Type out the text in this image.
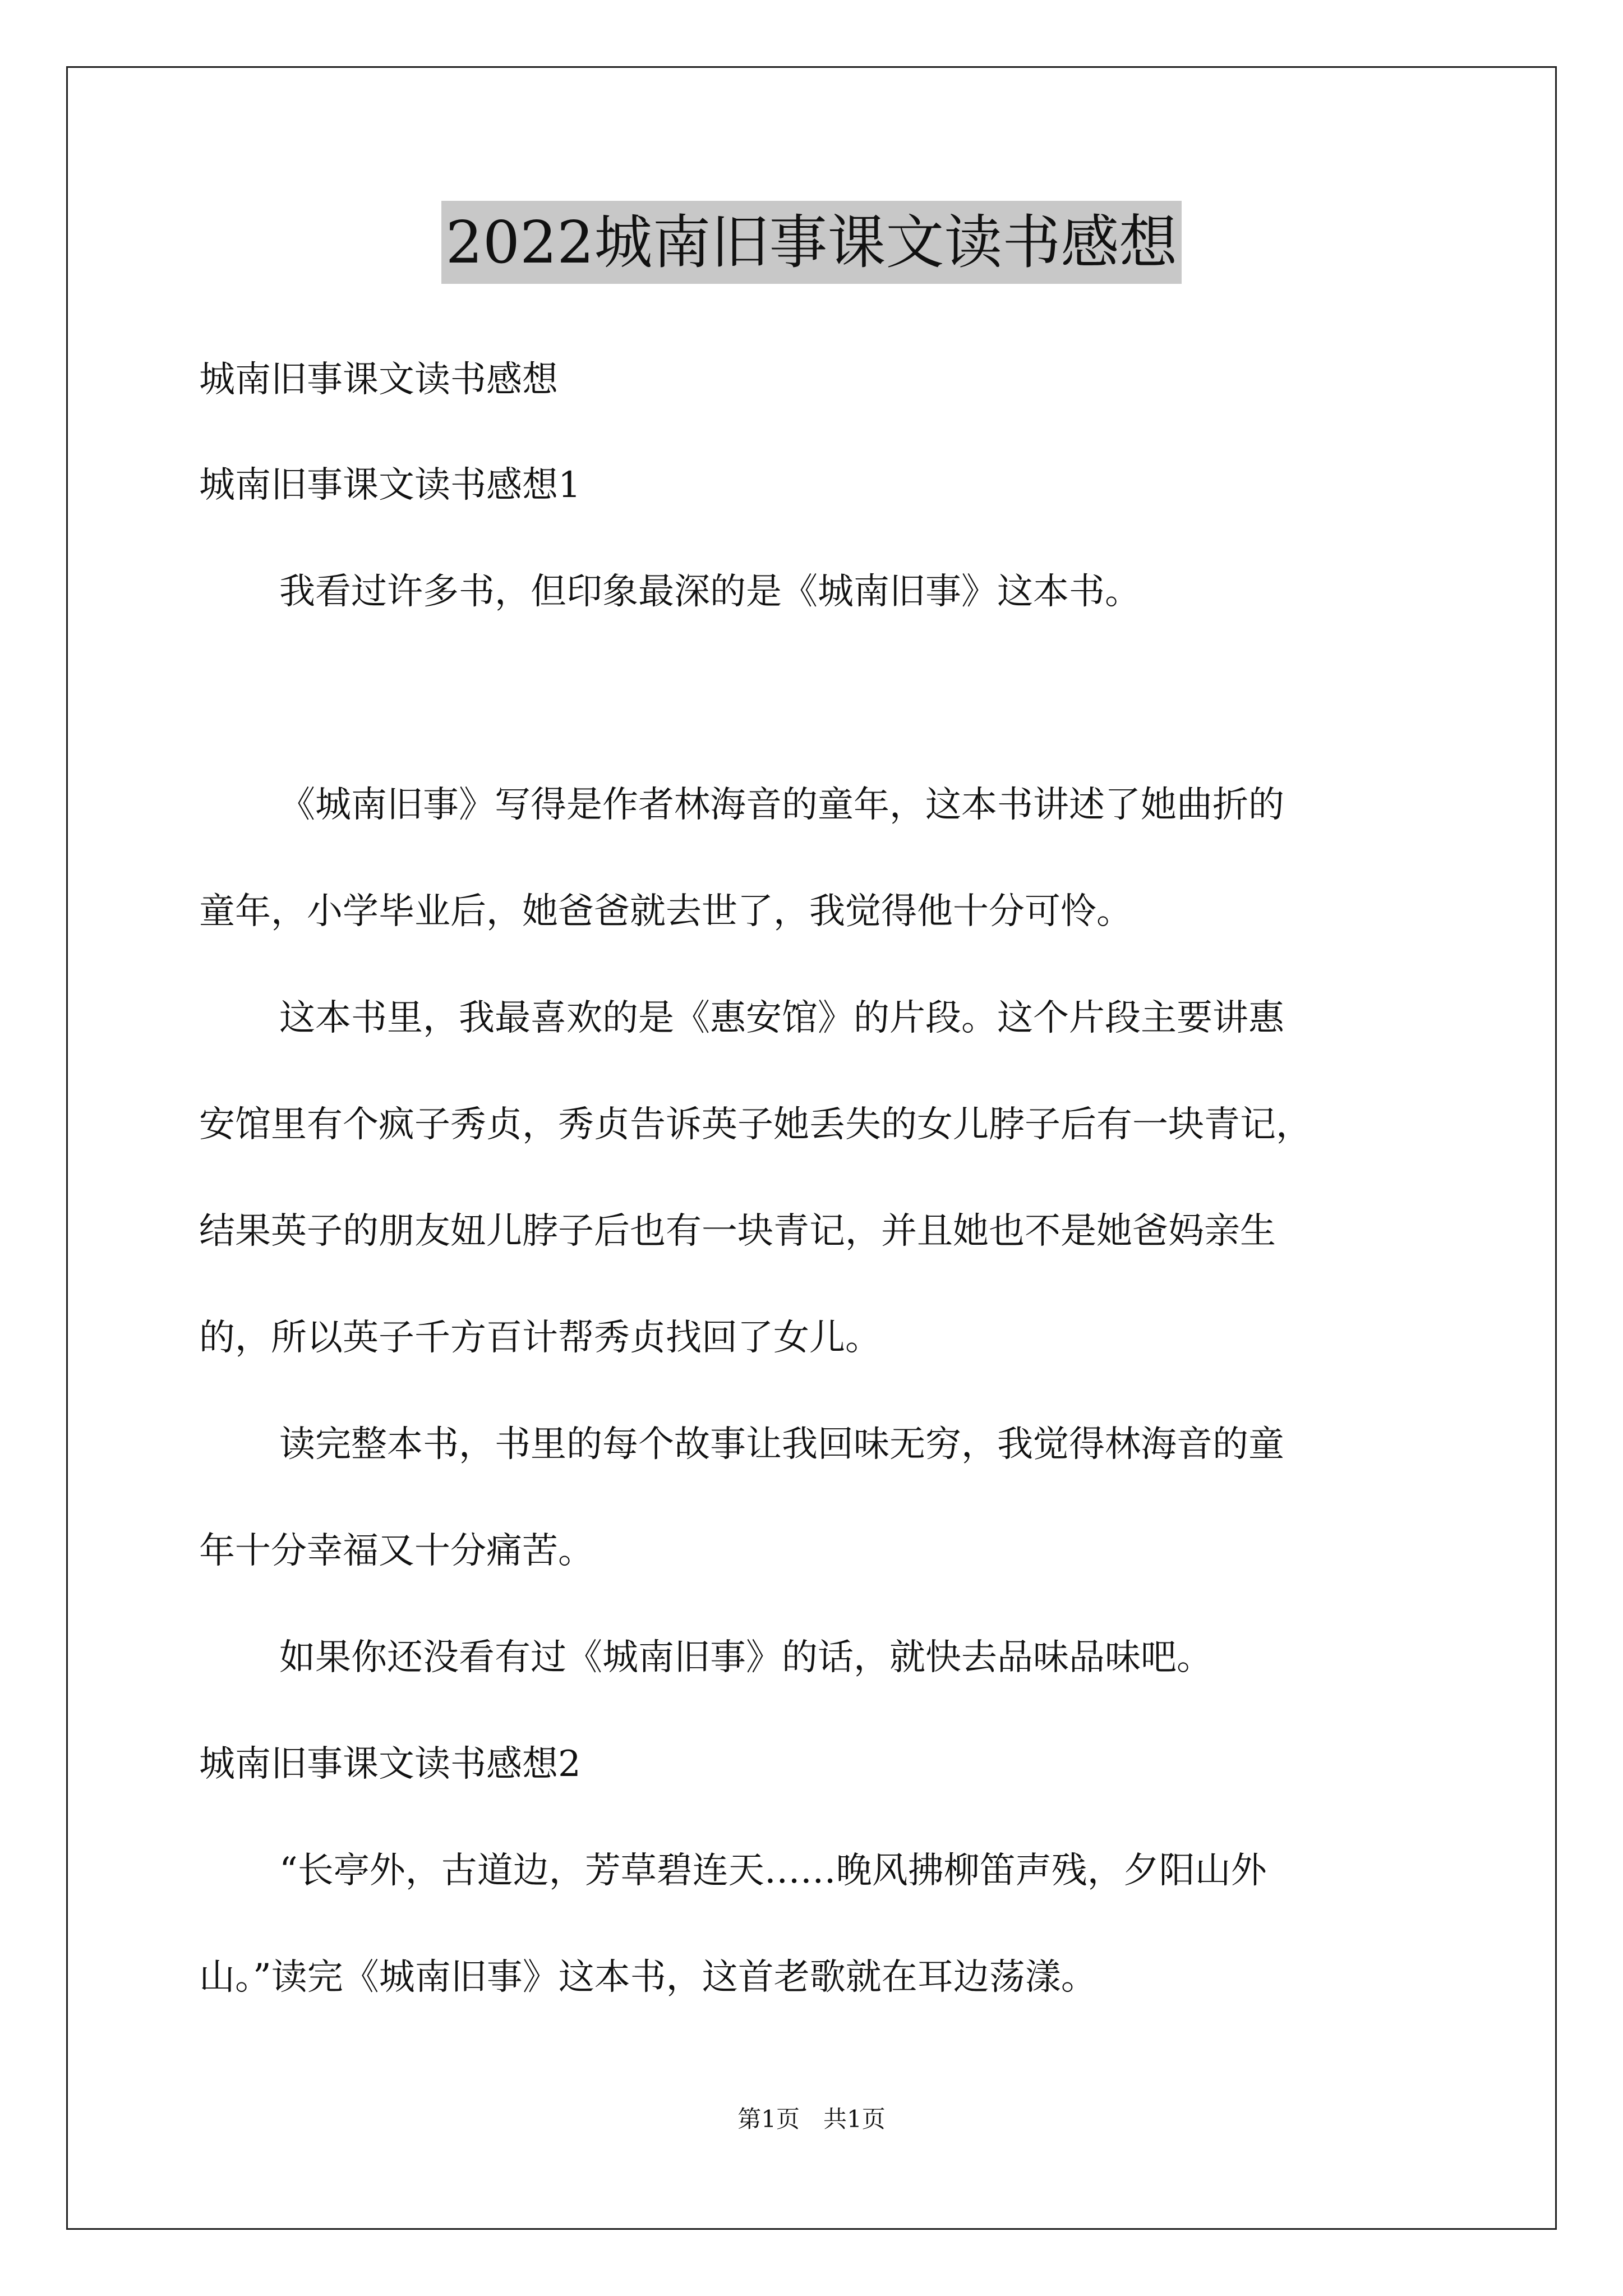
2022城南旧事课文读书感想
城南旧事课文读书感想
城南旧事课文读书感想1
我看过许多书，但印象最深的是《城南旧事》这本书。
《城南旧事》写得是作者林海音的童年，这本书讲述了她曲折的
童年，小学毕业后，她爸爸就去世了，我觉得他十分可怜。
这本书里，我最喜欢的是《惠安馆》的片段。这个片段主要讲惠
安馆里有个疯子秀贞，秀贞告诉英子她丢失的女儿脖子后有一块青记，
结果英子的朋友妞儿脖子后也有一块青记，并且她也不是她爸妈亲生
的，所以英子千方百计帮秀贞找回了女儿。
读完整本书，书里的每个故事让我回味无穷，我觉得林海音的童
年十分幸福又十分痛苦。
如果你还没看有过《城南旧事》的话，就快去品味品味吧。
城南旧事课文读书感想2
“长亭外，古道边，芳草碧连天……晚风拂柳笛声残，夕阳山外
山。”读完《城南旧事》这本书，这首老歌就在耳边荡漾。
第1页　共1页
